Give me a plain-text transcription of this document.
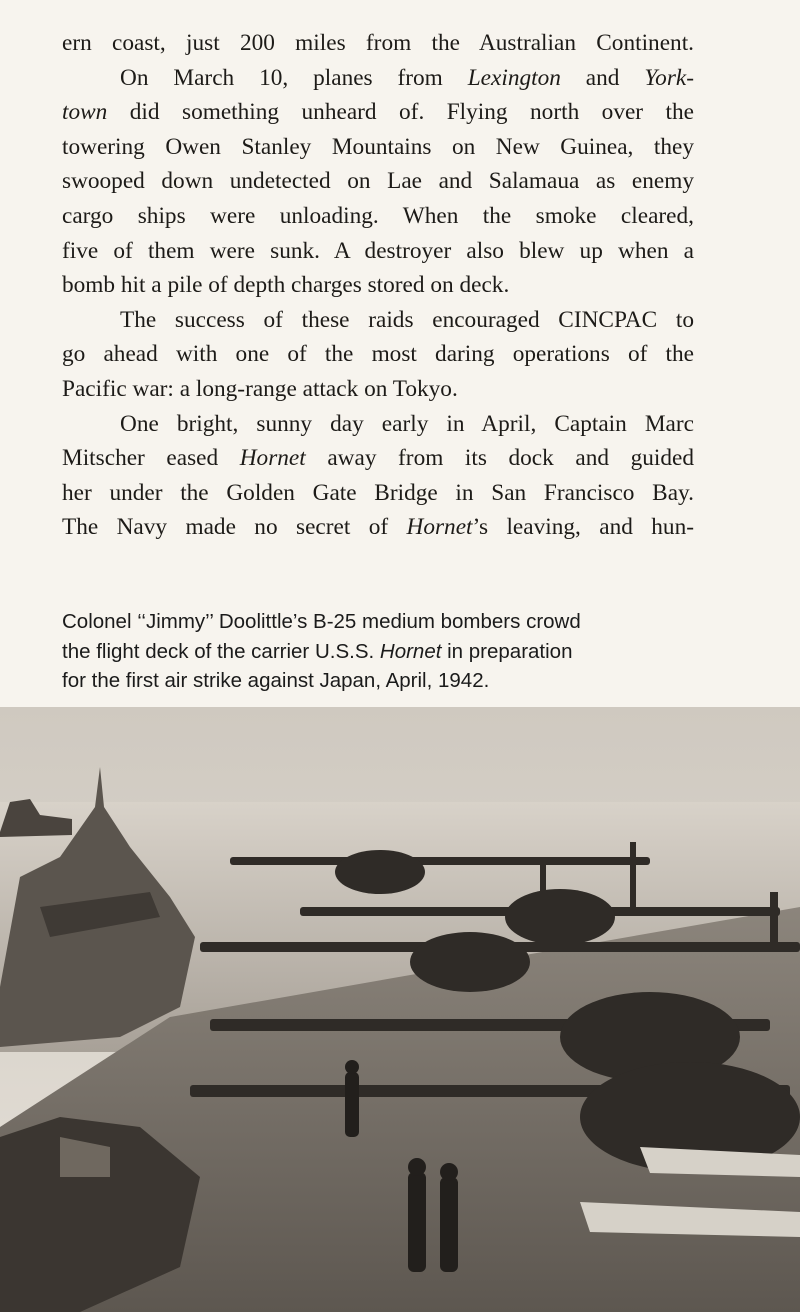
ern coast, just 200 miles from the Australian Continent.
On March 10, planes from Lexington and York-
town did something unheard of. Flying north over the
towering Owen Stanley Mountains on New Guinea, they
swooped down undetected on Lae and Salamaua as enemy
cargo ships were unloading. When the smoke cleared,
five of them were sunk. A destroyer also blew up when a
bomb hit a pile of depth charges stored on deck.
The success of these raids encouraged CINCPAC to
go ahead with one of the most daring operations of the
Pacific war: a long-range attack on Tokyo.
One bright, sunny day early in April, Captain Marc
Mitscher eased Hornet away from its dock and guided
her under the Golden Gate Bridge in San Francisco Bay.
The Navy made no secret of Hornet’s leaving, and hun-
Colonel ‘‘Jimmy’’ Doolittle’s B-25 medium bombers crowd
the flight deck of the carrier U.S.S. Hornet in preparation
for the first air strike against Japan, April, 1942.
